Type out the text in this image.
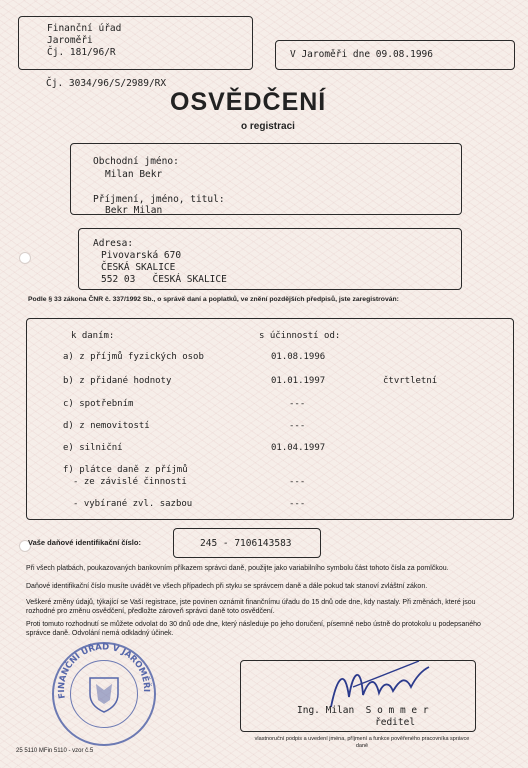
Finanční úřad
Jaroměři
Čj. 181/96/R
Čj. 3034/96/S/2989/RX
V Jaroměři dne 09.08.1996
OSVĚDČENÍ
o registraci
Obchodní jméno:
Milan Bekr
Příjmení, jméno, titul:
Bekr Milan
Adresa:
Pivovarská 670
ČESKÁ SKALICE
552 03   ČESKÁ SKALICE
Podle § 33 zákona ČNR č. 337/1992 Sb., o správě daní a poplatků, ve znění pozdějších předpisů, jste zaregistrován:
k daním:	s účinností od:
a) z příjmů fyzických osob	01.08.1996
b) z přidané hodnoty	01.01.1997	čtvrtletní
c) spotřebním	---
d) z nemovitostí	---
e) silniční	01.04.1997
f) plátce daně z příjmů
- ze závislé činnosti	---
- vybírané zvl. sazbou	---
Vaše daňové identifikační číslo:	245 - 7106143583
Při všech platbách, poukazovaných bankovním příkazem správci daně, použijte jako variabilního symbolu část tohoto čísla za pomlčkou.
Daňové identifikační číslo musíte uvádět ve všech případech při styku se správcem daně a dále pokud tak stanoví zvláštní zákon.
Veškeré změny údajů, týkající se Vaší registrace, jste povinen oznámit finančnímu úřadu do 15 dnů ode dne, kdy nastaly. Při změnách, které jsou rozhodné pro změnu osvědčení, předložte zároveň správci daně toto osvědčení.
Proti tomuto rozhodnutí se můžete odvolat do 30 dnů ode dne, který následuje po jeho doručení, písemně nebo ústně do protokolu u podepsaného správce daně. Odvolání nemá odkladný účinek.
FINANČNÍ ÚŘAD V JAROMĚŘI
Ing. Milan  S o m m e r
ředitel
vlastnoruční podpis a uvedení jména, příjmení a funkce pověřeného pracovníka správce daně
25 5110 MFin 5110 - vzor č.5
